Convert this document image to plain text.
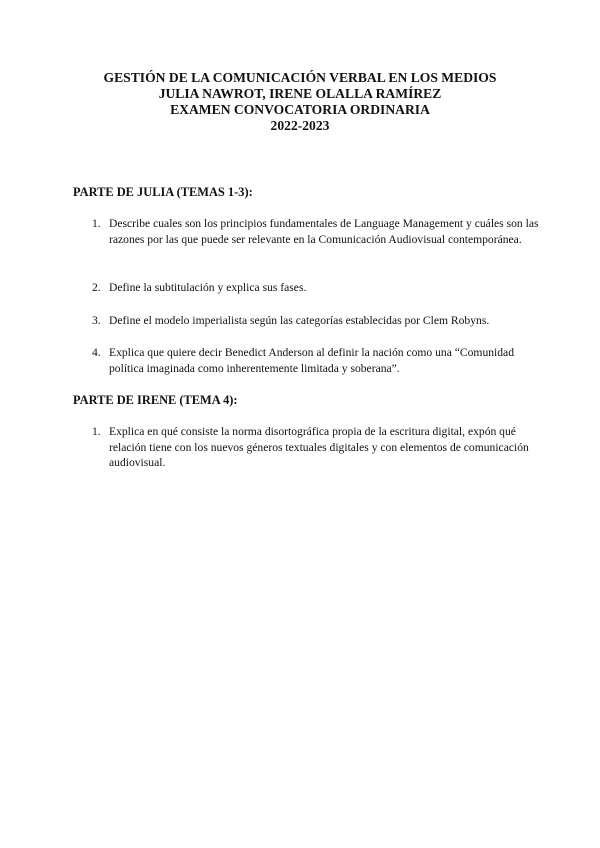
GESTIÓN DE LA COMUNICACIÓN VERBAL EN LOS MEDIOS
JULIA NAWROT, IRENE OLALLA RAMÍREZ
EXAMEN CONVOCATORIA ORDINARIA
2022-2023
PARTE DE JULIA (TEMAS 1-3):
1. Describe cuales son los principios fundamentales de Language Management y cuáles son las razones por las que puede ser relevante en la Comunicación Audiovisual contemporánea.
2. Define la subtitulación y explica sus fases.
3. Define el modelo imperialista según las categorías establecidas por Clem Robyns.
4. Explica que quiere decir Benedict Anderson al definir la nación como una “Comunidad política imaginada como inherentemente limitada y soberana”.
PARTE DE IRENE (TEMA 4):
1. Explica en qué consiste la norma disortográfica propia de la escritura digital, expón qué relación tiene con los nuevos géneros textuales digitales y con elementos de comunicación audiovisual.
